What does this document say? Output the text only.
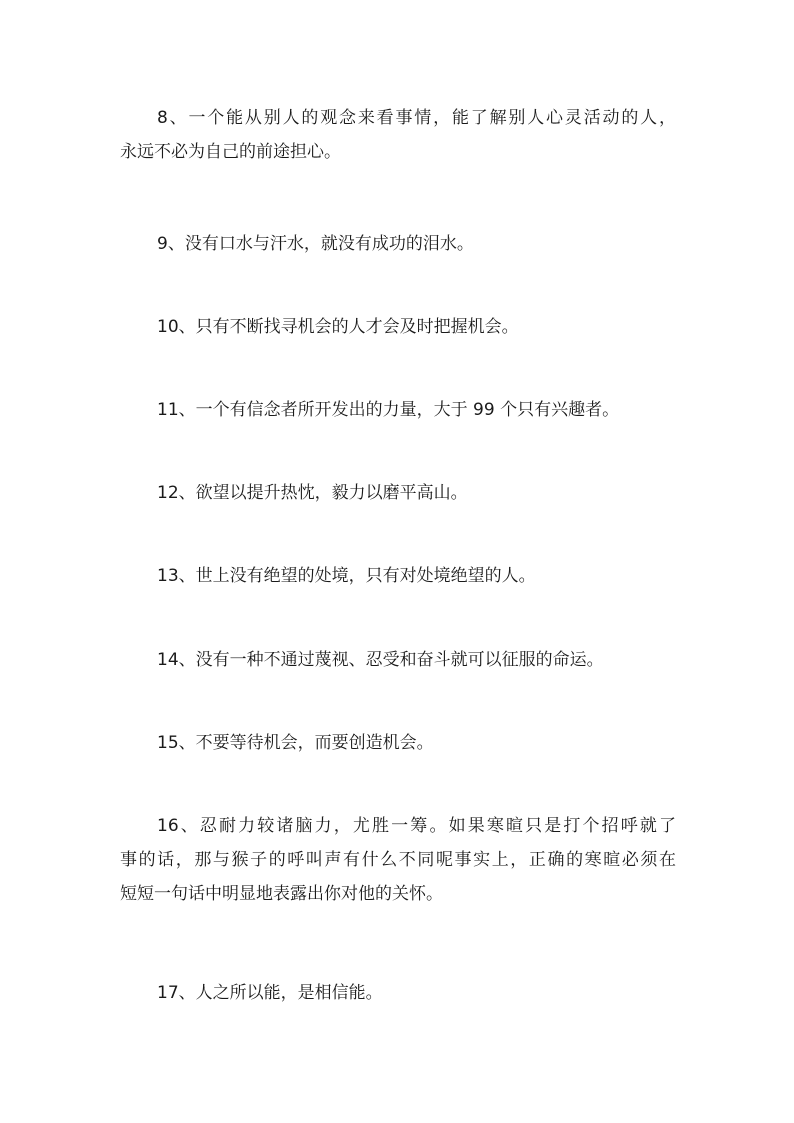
8、一个能从别人的观念来看事情，能了解别人心灵活动的人，
永远不必为自己的前途担心。

9、没有口水与汗水，就没有成功的泪水。

10、只有不断找寻机会的人才会及时把握机会。

11、一个有信念者所开发出的力量，大于 99 个只有兴趣者。

12、欲望以提升热忱，毅力以磨平高山。

13、世上没有绝望的处境，只有对处境绝望的人。

14、没有一种不通过蔑视、忍受和奋斗就可以征服的命运。

15、不要等待机会，而要创造机会。

16、忍耐力较诸脑力，尤胜一筹。如果寒暄只是打个招呼就了
事的话，那与猴子的呼叫声有什么不同呢事实上，正确的寒暄必须在
短短一句话中明显地表露出你对他的关怀。

17、人之所以能，是相信能。
